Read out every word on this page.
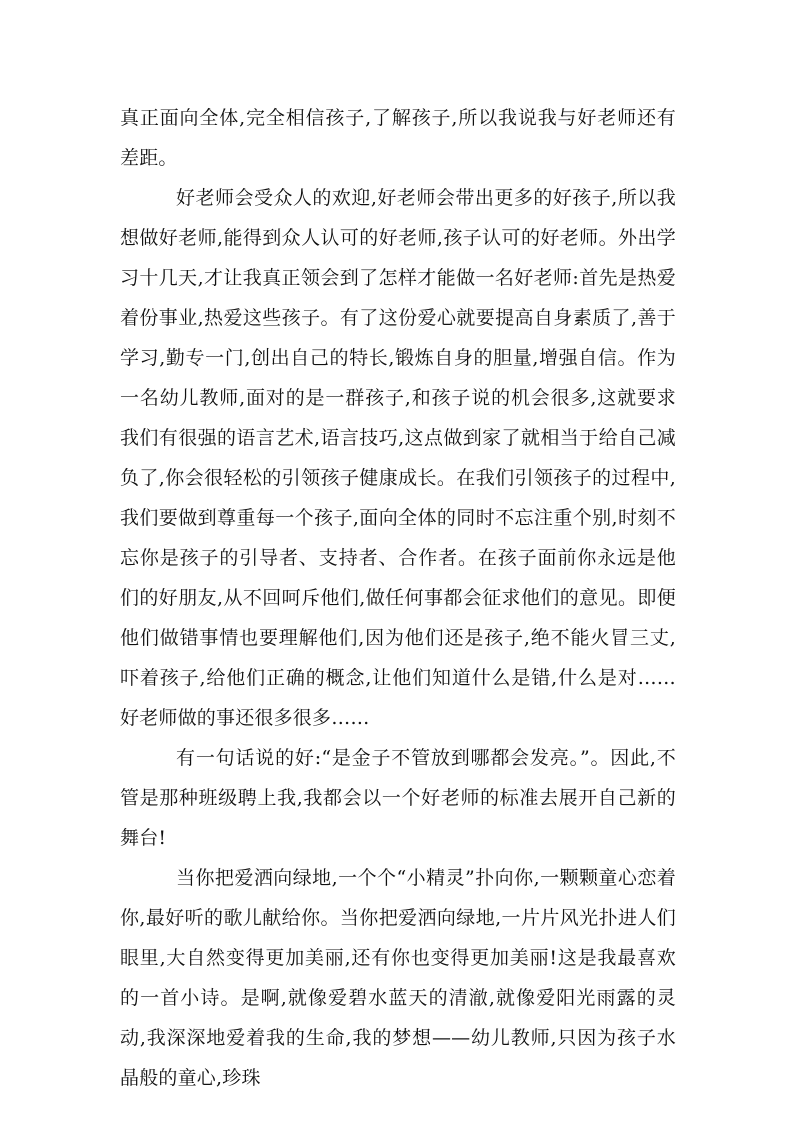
真正面向全体,完全相信孩子,了解孩子,所以我说我与好老师还有差距。

好老师会受众人的欢迎,好老师会带出更多的好孩子,所以我想做好老师,能得到众人认可的好老师,孩子认可的好老师。外出学习十几天,才让我真正领会到了怎样才能做一名好老师:首先是热爱着份事业,热爱这些孩子。有了这份爱心就要提高自身素质了,善于学习,勤专一门,创出自己的特长,锻炼自身的胆量,增强自信。作为一名幼儿教师,面对的是一群孩子,和孩子说的机会很多,这就要求我们有很强的语言艺术,语言技巧,这点做到家了就相当于给自己减负了,你会很轻松的引领孩子健康成长。在我们引领孩子的过程中,我们要做到尊重每一个孩子,面向全体的同时不忘注重个别,时刻不忘你是孩子的引导者、支持者、合作者。在孩子面前你永远是他们的好朋友,从不回呵斥他们,做任何事都会征求他们的意见。即便他们做错事情也要理解他们,因为他们还是孩子,绝不能火冒三丈,吓着孩子,给他们正确的概念,让他们知道什么是错,什么是对……好老师做的事还很多很多……

有一句话说的好:“是金子不管放到哪都会发亮。”。因此,不管是那种班级聘上我,我都会以一个好老师的标准去展开自己新的舞台!

当你把爱洒向绿地,一个个“小精灵”扑向你,一颗颗童心恋着你,最好听的歌儿献给你。当你把爱洒向绿地,一片片风光扑进人们眼里,大自然变得更加美丽,还有你也变得更加美丽!这是我最喜欢的一首小诗。是啊,就像爱碧水蓝天的清澈,就像爱阳光雨露的灵动,我深深地爱着我的生命,我的梦想——幼儿教师,只因为孩子水晶般的童心,珍珠
